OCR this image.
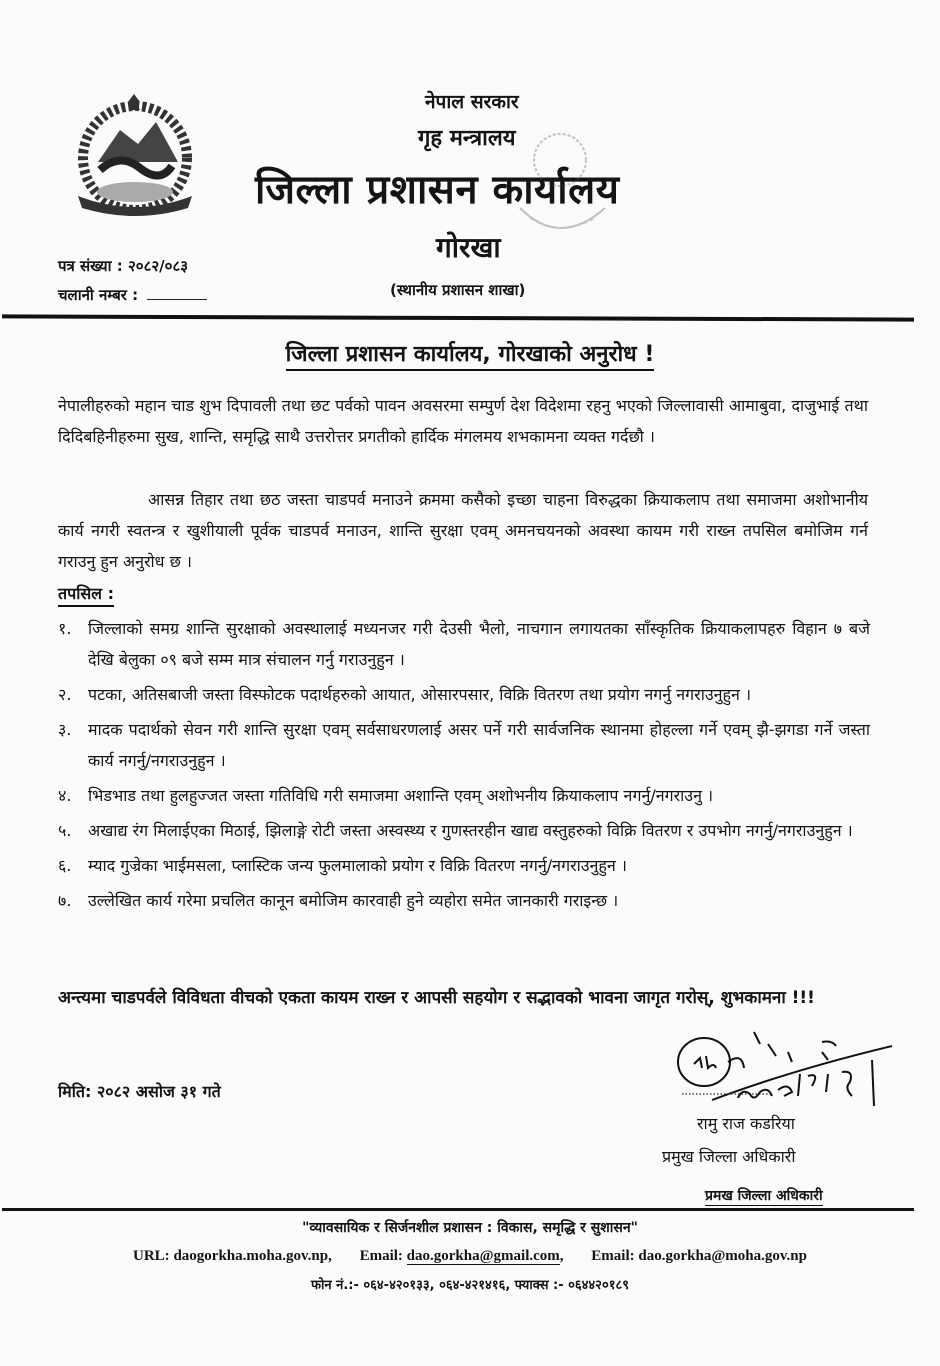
नेपाल सरकार
गृह मन्त्रालय
जिल्ला प्रशासन कार्यालय
गोरखा
(स्थानीय प्रशासन शाखा)
पत्र संख्या : २०८२/०८३
चलानी नम्बर :
जिल्ला प्रशासन कार्यालय, गोरखाको अनुरोध !
नेपालीहरुको महान चाड शुभ दिपावली तथा छट पर्वको पावन अवसरमा सम्पुर्ण देश विदेशमा रहनु भएको जिल्लावासी आमाबुवा, दाजुभाई तथा दिदिबहिनीहरुमा सुख, शान्ति, समृद्धि साथै उत्तरोत्तर प्रगतीको हार्दिक मंगलमय शभकामना व्यक्त गर्दछौ ।
आसन्न तिहार तथा छठ जस्ता चाडपर्व मनाउने क्रममा कसैको इच्छा चाहना विरुद्धका क्रियाकलाप तथा समाजमा अशोभानीय कार्य नगरी स्वतन्त्र र खुशीयाली पूर्वक चाडपर्व मनाउन, शान्ति सुरक्षा एवम् अमनचयनको अवस्था कायम गरी राख्न तपसिल बमोजिम गर्न गराउनु हुन अनुरोध छ ।
तपसिल :
१.	जिल्लाको समग्र शान्ति सुरक्षाको अवस्थालाई मध्यनजर गरी देउसी भैलो, नाचगान लगायतका साँस्कृतिक क्रियाकलापहरु विहान ७ बजे देखि बेलुका ०९ बजे सम्म मात्र संचालन गर्नु गराउनुहुन ।
२.	पटका, अतिसबाजी जस्ता विस्फोटक पदार्थहरुको आयात, ओसारपसार, विक्रि वितरण तथा प्रयोग नगर्नु नगराउनुहुन ।
३.	मादक पदार्थको सेवन गरी शान्ति सुरक्षा एवम् सर्वसाधरणलाई असर पर्ने गरी सार्वजनिक स्थानमा होहल्ला गर्ने एवम् झै-झगडा गर्ने जस्ता कार्य नगर्नु/नगराउनुहुन ।
४.	भिडभाड तथा हुलहुज्जत जस्ता गतिविधि गरी समाजमा अशान्ति एवम् अशोभनीय क्रियाकलाप नगर्नु/नगराउनु ।
५.	अखाद्य रंग मिलाईएका मिठाई, झिलाङ्गे रोटी जस्ता अस्वस्थ्य र गुणस्तरहीन खाद्य वस्तुहरुको विक्रि वितरण र उपभोग नगर्नु/नगराउनुहुन ।
६.	म्याद गुज्रेका भाईमसला, प्लास्टिक जन्य फुलमालाको प्रयोग र विक्रि वितरण नगर्नु/नगराउनुहुन ।
७.	उल्लेखित कार्य गरेमा प्रचलित कानून बमोजिम कारवाही हुने व्यहोरा समेत जानकारी गराइन्छ ।
अन्त्यमा चाडपर्वले विविधता वीचको एकता कायम राख्न र आपसी सहयोग र सद्भावको भावना जागृत गरोस्, शुभकामना !!!
मिति: २०८२ असोज ३१ गते
रामु राज कडरिया
प्रमुख जिल्ला अधिकारी
प्रमख जिल्ला अधिकारी
"व्यावसायिक र सिर्जनशील प्रशासन : विकास, समृद्धि र सुशासन"
URL: daogorkha.moha.gov.np, Email: dao.gorkha@gmail.com, Email: dao.gorkha@moha.gov.np
फोन नं.:- ०६४-४२०१३३, ०६४-४२१४१६, फ्याक्स :- ०६४४२०१८९
